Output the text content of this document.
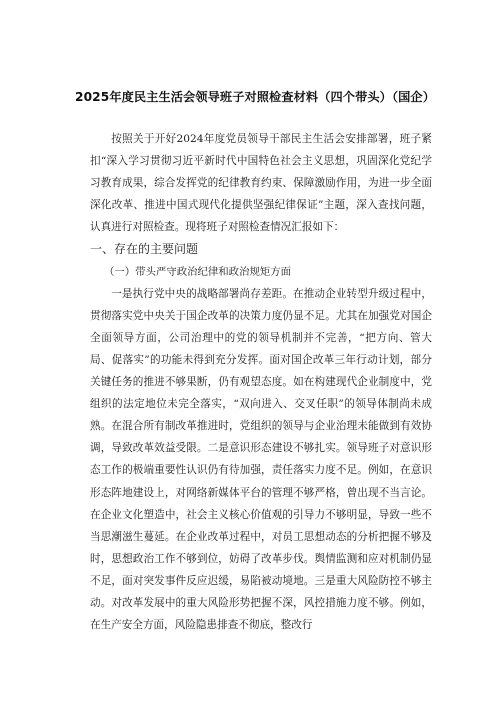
2025年度民主生活会领导班子对照检查材料（四个带头）（国企）

按照关于开好2024年度党员领导干部民主生活会安排部署，班子紧扣“深入学习贯彻习近平新时代中国特色社会主义思想，巩固深化党纪学习教育成果，综合发挥党的纪律教育约束、保障激励作用，为进一步全面深化改革、推进中国式现代化提供坚强纪律保证”主题，深入查找问题，认真进行对照检查。现将班子对照检查情况汇报如下：

一、存在的主要问题

（一）带头严守政治纪律和政治规矩方面

一是执行党中央的战略部署尚存差距。在推动企业转型升级过程中，贯彻落实党中央关于国企改革的决策力度仍显不足。尤其在加强党对国企全面领导方面，公司治理中的党的领导机制并不完善，“把方向、管大局、促落实”的功能未得到充分发挥。面对国企改革三年行动计划，部分关键任务的推进不够果断，仍有观望态度。如在构建现代企业制度中，党组织的法定地位未完全落实，“双向进入、交叉任职”的领导体制尚未成熟。在混合所有制改革推进时，党组织的领导与企业治理未能做到有效协调，导致改革效益受限。二是意识形态建设不够扎实。领导班子对意识形态工作的极端重要性认识仍有待加强，责任落实力度不足。例如，在意识形态阵地建设上，对网络新媒体平台的管理不够严格，曾出现不当言论。在企业文化塑造中，社会主义核心价值观的引导力不够明显，导致一些不当思潮滋生蔓延。在企业改革过程中，对员工思想动态的分析把握不够及时，思想政治工作不够到位，妨碍了改革步伐。舆情监测和应对机制仍显不足，面对突发事件反应迟缓，易陷被动境地。三是重大风险防控不够主动。对改革发展中的重大风险形势把握不深，风控措施力度不够。例如，在生产安全方面，风险隐患排查不彻底，整改行
